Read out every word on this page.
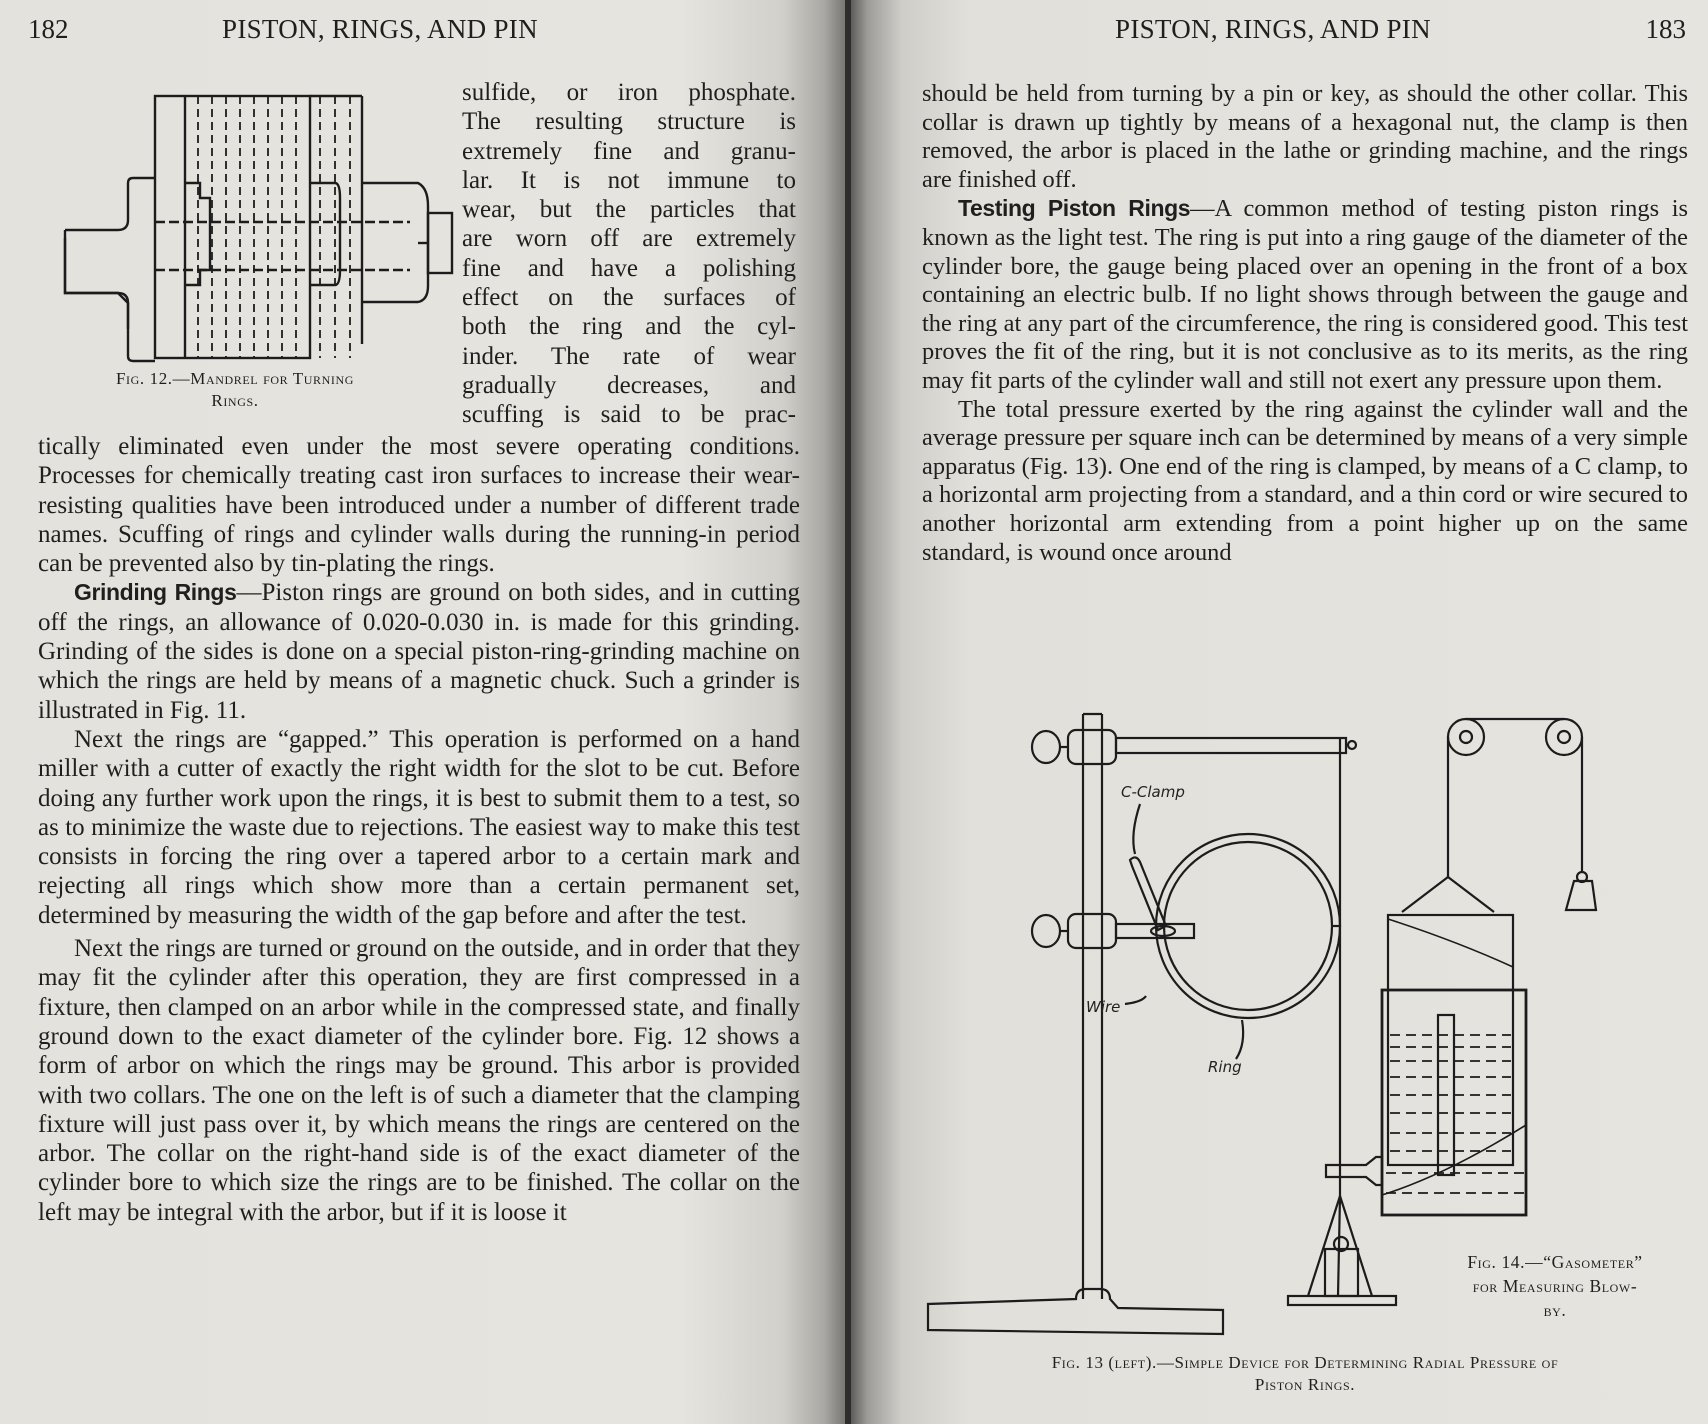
182	PISTON, RINGS, AND PIN
Fig. 12.—Mandrel for Turning
Rings.
sulfide, or iron phosphate.
The resulting structure is
extremely fine and granu-
lar. It is not immune to
wear, but the particles that
are worn off are extremely
fine and have a polishing
effect on the surfaces of
both the ring and the cyl-
inder. The rate of wear
gradually decreases, and
scuffing is said to be prac-

tically eliminated even under the most severe operating conditions. Processes for chemically treating cast iron surfaces to increase their wear-resisting qualities have been introduced under a number of different trade names. Scuffing of rings and cylinder walls during the running-in period can be prevented also by tin-plating the rings.

Grinding Rings—Piston rings are ground on both sides, and in cutting off the rings, an allowance of 0.020-0.030 in. is made for this grinding. Grinding of the sides is done on a special piston-ring-grinding machine on which the rings are held by means of a magnetic chuck. Such a grinder is illustrated in Fig. 11.

Next the rings are “gapped.” This operation is performed on a hand miller with a cutter of exactly the right width for the slot to be cut. Before doing any further work upon the rings, it is best to submit them to a test, so as to minimize the waste due to rejections. The easiest way to make this test consists in forcing the ring over a tapered arbor to a certain mark and rejecting all rings which show more than a certain permanent set, determined by measuring the width of the gap before and after the test.

Next the rings are turned or ground on the outside, and in order that they may fit the cylinder after this operation, they are first compressed in a fixture, then clamped on an arbor while in the compressed state, and finally ground down to the exact diameter of the cylinder bore. Fig. 12 shows a form of arbor on which the rings may be ground. This arbor is provided with two collars. The one on the left is of such a diameter that the clamping fixture will just pass over it, by which means the rings are centered on the arbor. The collar on the right-hand side is of the exact diameter of the cylinder bore to which size the rings are to be finished. The collar on the left may be integral with the arbor, but if it is loose it

PISTON, RINGS, AND PIN	183

should be held from turning by a pin or key, as should the other collar. This collar is drawn up tightly by means of a hexagonal nut, the clamp is then removed, the arbor is placed in the lathe or grinding machine, and the rings are finished off.

Testing Piston Rings—A common method of testing piston rings is known as the light test. The ring is put into a ring gauge of the diameter of the cylinder bore, the gauge being placed over an opening in the front of a box containing an electric bulb. If no light shows through between the gauge and the ring at any part of the circumference, the ring is considered good. This test proves the fit of the ring, but it is not conclusive as to its merits, as the ring may fit parts of the cylinder wall and still not exert any pressure upon them.

The total pressure exerted by the ring against the cylinder wall and the average pressure per square inch can be determined by means of a very simple apparatus (Fig. 13). One end of the ring is clamped, by means of a C clamp, to a horizontal arm projecting from a standard, and a thin cord or wire secured to another horizontal arm extending from a point higher up on the same standard, is wound once around

C-Clamp
Wire
Ring
Fig. 14.—“Gasometer”
for Measuring Blow-
by.
Fig. 13 (left).—Simple Device for Determining Radial Pressure of
Piston Rings.
